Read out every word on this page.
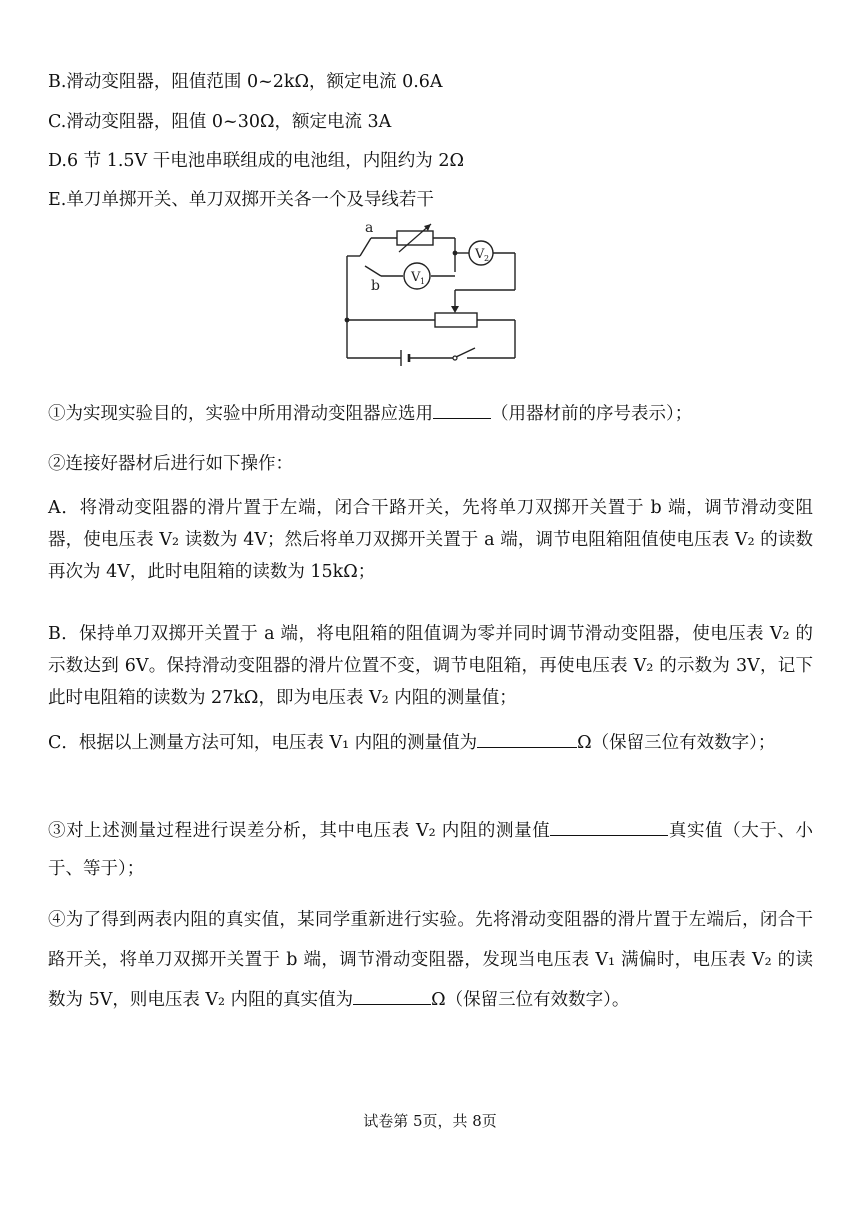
B.滑动变阻器，阻值范围 0~2kΩ，额定电流 0.6A
C.滑动变阻器，阻值 0~30Ω，额定电流 3A
D.6 节 1.5V 干电池串联组成的电池组，内阻约为 2Ω
E.单刀单掷开关、单刀双掷开关各一个及导线若干
a
b
V 1
V 2
①为实现实验目的，实验中所用滑动变阻器应选用	（用器材前的序号表示）；
②连接好器材后进行如下操作：
A．将滑动变阻器的滑片置于左端，闭合干路开关，先将单刀双掷开关置于 b 端，调节滑动变阻器，使电压表 V₂ 读数为 4V；然后将单刀双掷开关置于 a 端，调节电阻箱阻值使电压表 V₂ 的读数再次为 4V，此时电阻箱的读数为 15kΩ；
B．保持单刀双掷开关置于 a 端，将电阻箱的阻值调为零并同时调节滑动变阻器，使电压表 V₂ 的示数达到 6V。保持滑动变阻器的滑片位置不变，调节电阻箱，再使电压表 V₂ 的示数为 3V，记下此时电阻箱的读数为 27kΩ，即为电压表 V₂ 内阻的测量值；
C．根据以上测量方法可知，电压表 V₁ 内阻的测量值为	Ω（保留三位有效数字）；
③对上述测量过程进行误差分析，其中电压表 V₂ 内阻的测量值	真实值（大于、小于、等于）；
④为了得到两表内阻的真实值，某同学重新进行实验。先将滑动变阻器的滑片置于左端后，闭合干路开关，将单刀双掷开关置于 b 端，调节滑动变阻器，发现当电压表 V₁ 满偏时，电压表 V₂ 的读数为 5V，则电压表 V₂ 内阻的真实值为	Ω（保留三位有效数字）。
试卷第 5页，共 8页
